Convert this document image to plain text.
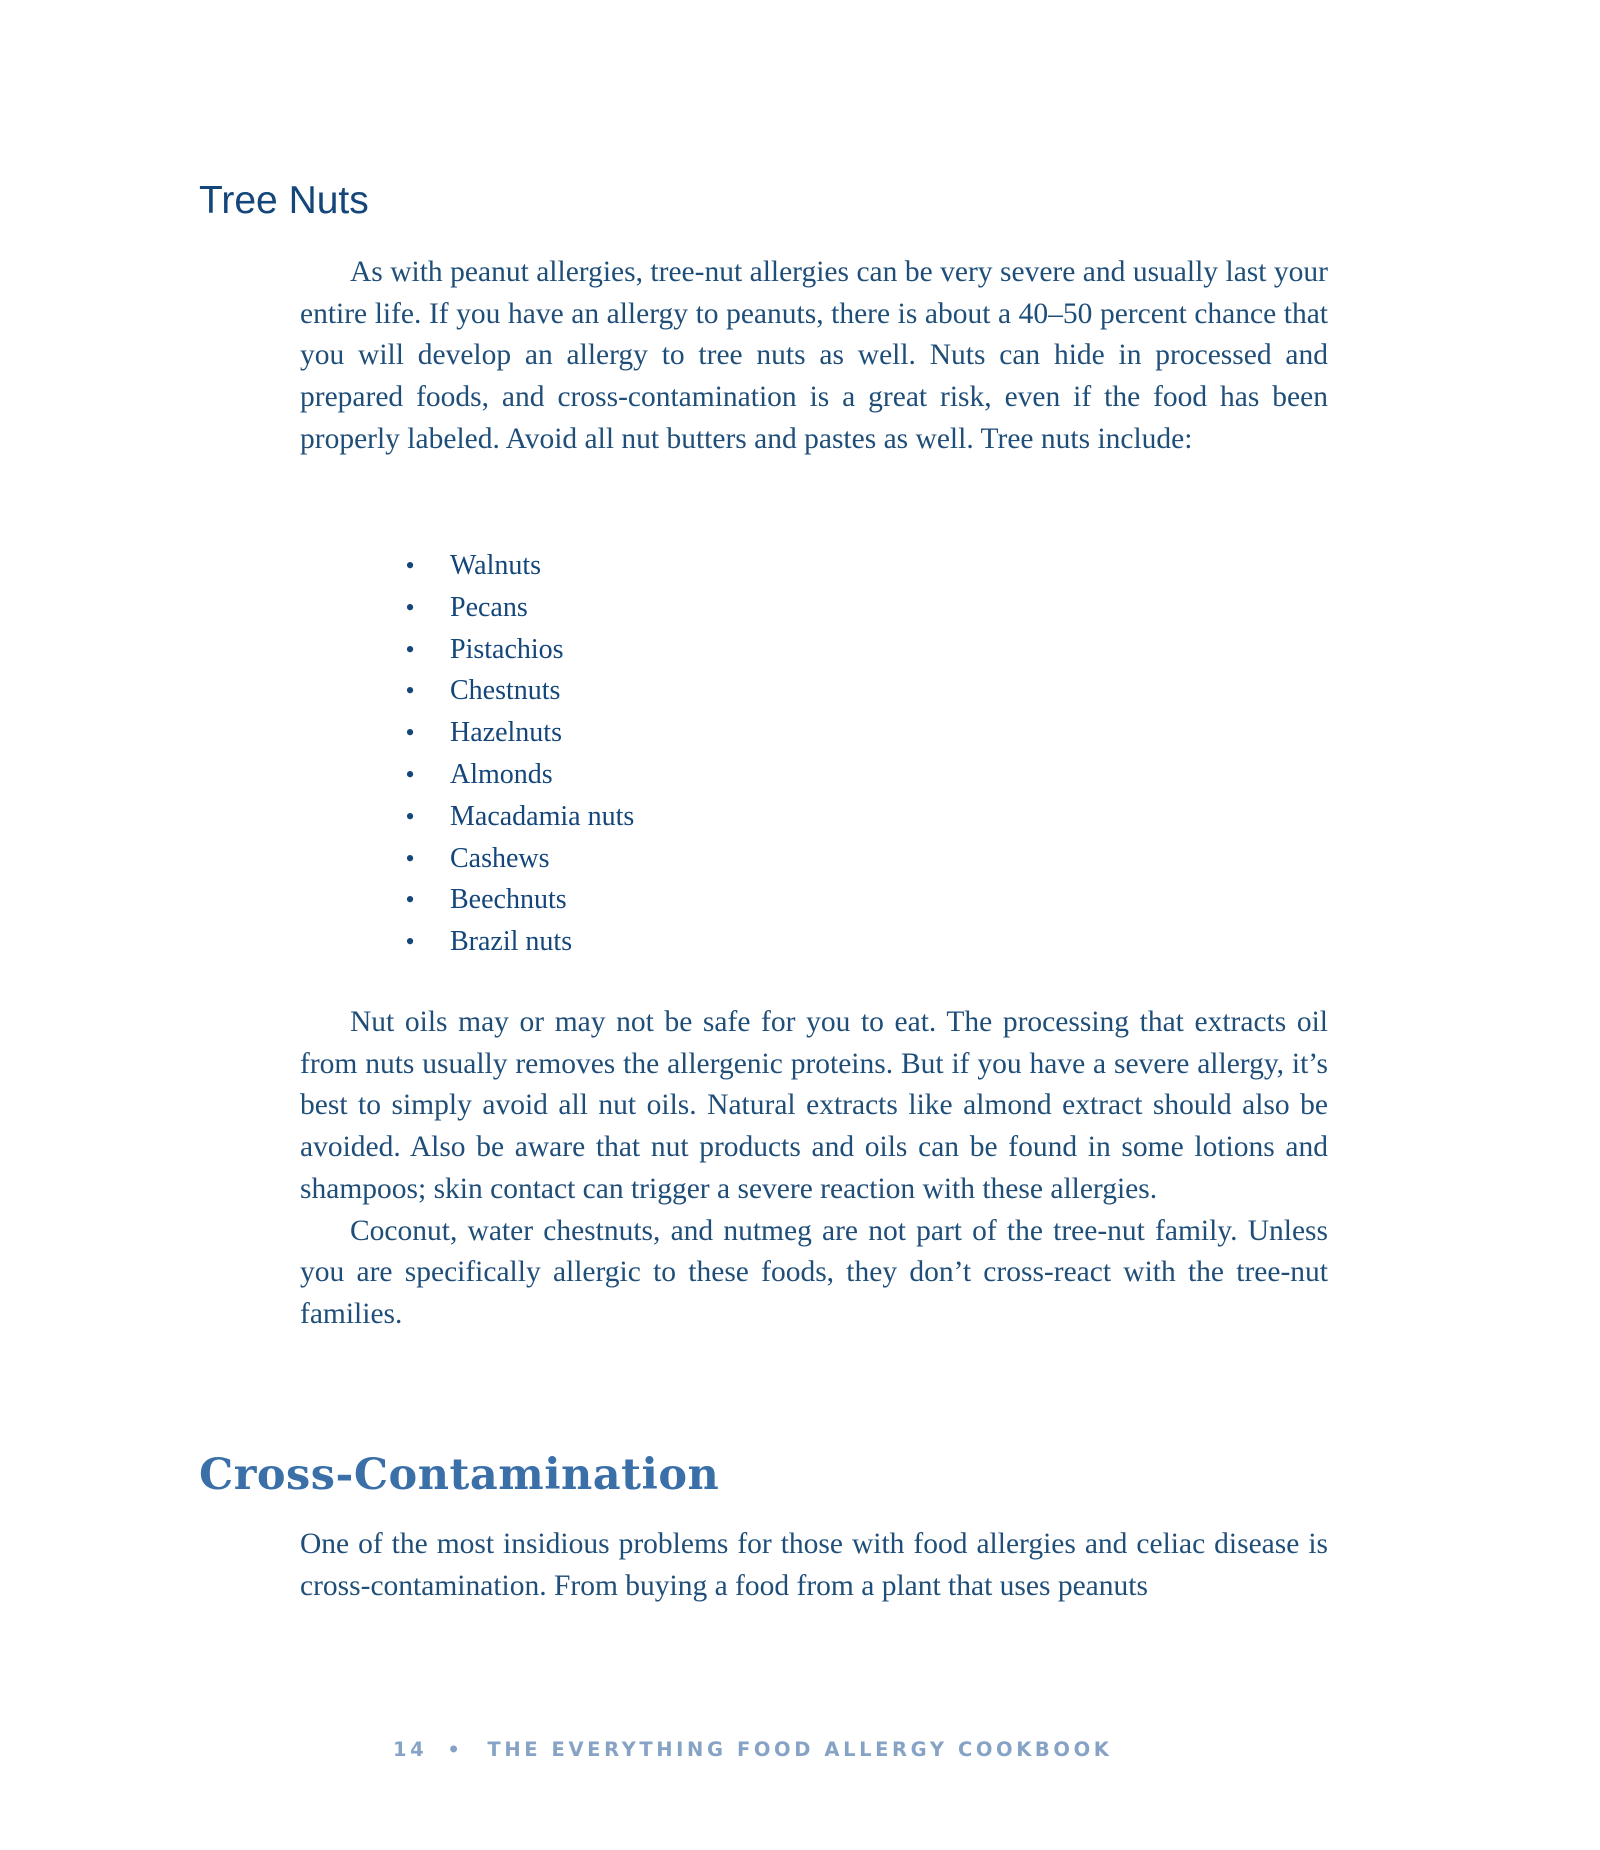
Tree Nuts

As with peanut allergies, tree-nut allergies can be very severe and usually last your entire life. If you have an allergy to peanuts, there is about a 40–50 percent chance that you will develop an allergy to tree nuts as well. Nuts can hide in processed and prepared foods, and cross-contamination is a great risk, even if the food has been properly labeled. Avoid all nut butters and pastes as well. Tree nuts include:

• Walnuts
• Pecans
• Pistachios
• Chestnuts
• Hazelnuts
• Almonds
• Macadamia nuts
• Cashews
• Beechnuts
• Brazil nuts

Nut oils may or may not be safe for you to eat. The processing that extracts oil from nuts usually removes the allergenic proteins. But if you have a severe allergy, it’s best to simply avoid all nut oils. Natural extracts like almond extract should also be avoided. Also be aware that nut products and oils can be found in some lotions and shampoos; skin contact can trigger a severe reaction with these allergies.

Coconut, water chestnuts, and nutmeg are not part of the tree-nut family. Unless you are specifically allergic to these foods, they don’t cross-react with the tree-nut families.

Cross-Contamination

One of the most insidious problems for those with food allergies and celiac disease is cross-contamination. From buying a food from a plant that uses peanuts

14 • THE EVERYTHING FOOD ALLERGY COOKBOOK
